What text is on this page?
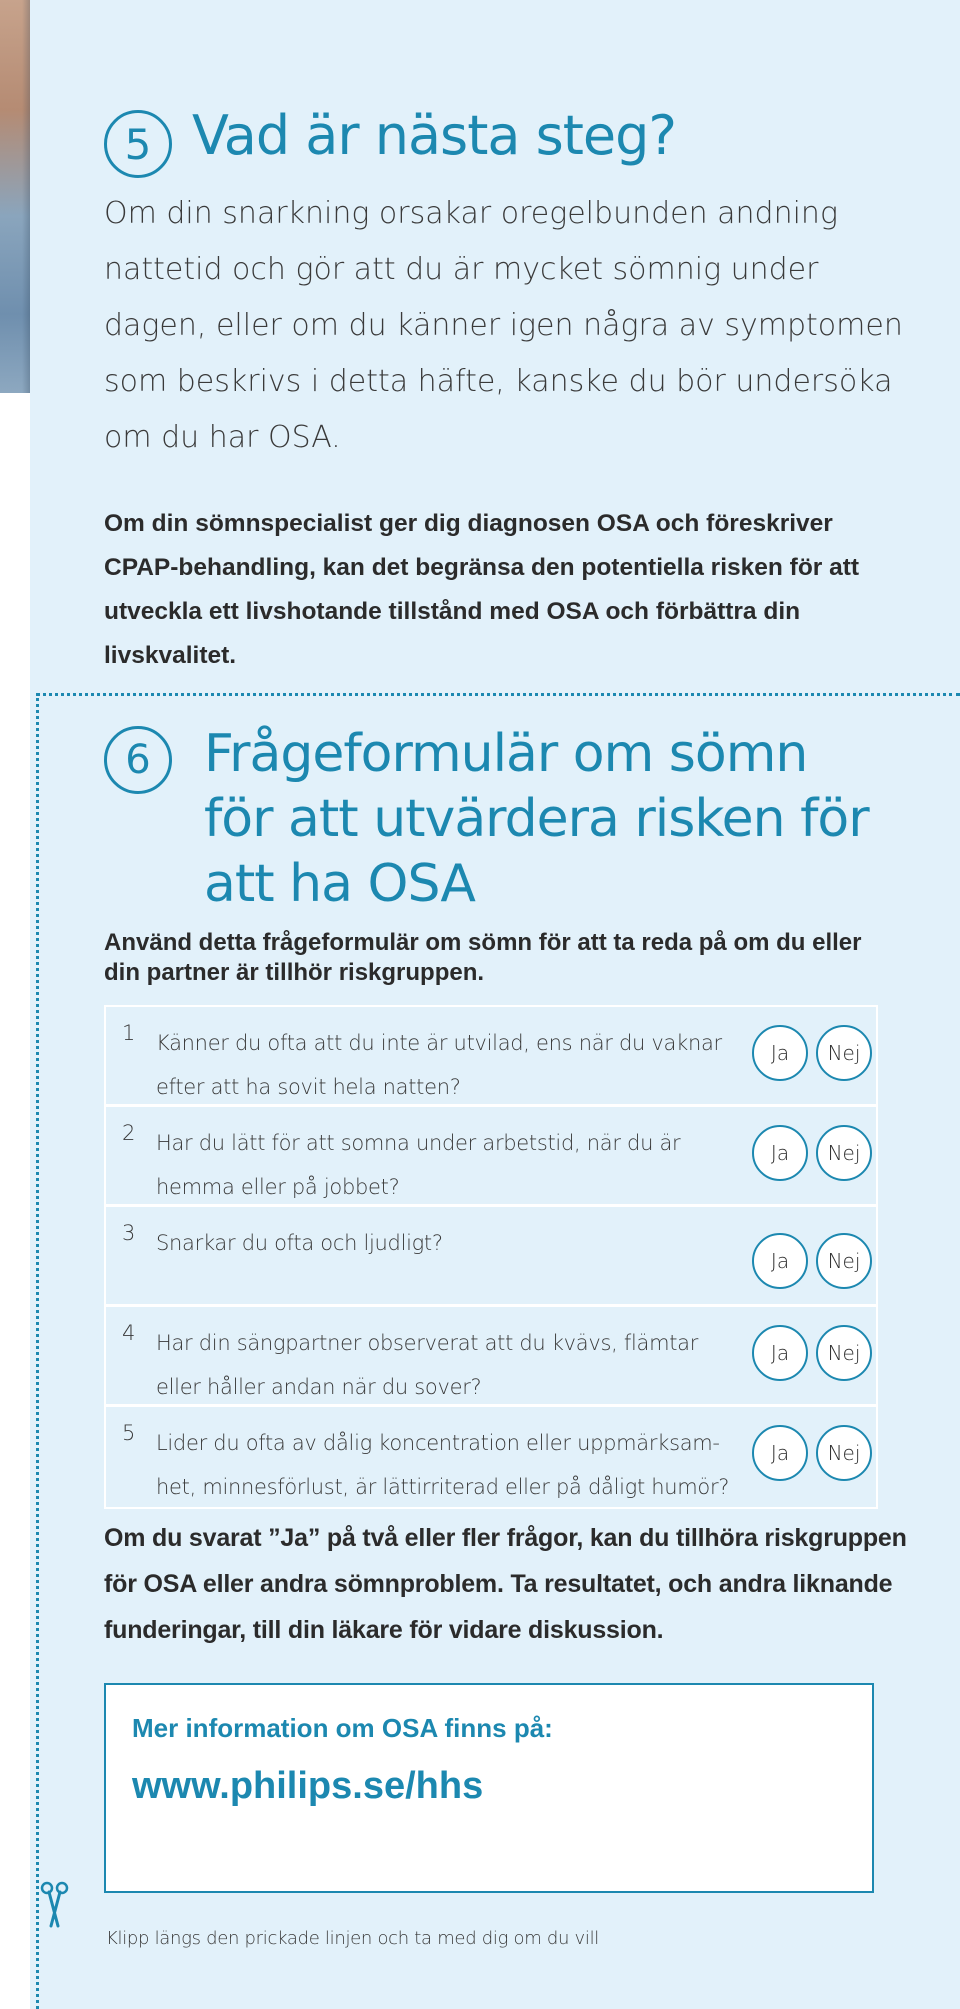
5 Vad är nästa steg?

Om din snarkning orsakar oregelbunden andning nattetid och gör att du är mycket sömnig under dagen, eller om du känner igen några av symptomen som beskrivs i detta häfte, kanske du bör undersöka om du har OSA.

Om din sömnspecialist ger dig diagnosen OSA och föreskriver CPAP-behandling, kan det begränsa den potentiella risken för att utveckla ett livshotande tillstånd med OSA och förbättra din livskvalitet.

6	Frågeformulär om sömn
för att utvärdera risken för
att ha OSA

Använd detta frågeformulär om sömn för att ta reda på om du eller din partner är tillhör riskgruppen.

1 Känner du ofta att du inte är utvilad, ens när du vaknar efter att ha sovit hela natten?
Ja	Nej
2 Har du lätt för att somna under arbetstid, när du är hemma eller på jobbet?
Ja	Nej
3 Snarkar du ofta och ljudligt?
Ja	Nej
4 Har din sängpartner observerat att du kvävs, flämtar eller håller andan när du sover?
Ja	Nej
5 Lider du ofta av dålig koncentration eller uppmärksam-het, minnesförlust, är lättirriterad eller på dåligt humör?
Ja	Nej

Om du svarat ”Ja” på två eller fler frågor, kan du tillhöra riskgruppen för OSA eller andra sömnproblem. Ta resultatet, och andra liknande funderingar, till din läkare för vidare diskussion.

Mer information om OSA finns på:

www.philips.se/hhs

Klipp längs den prickade linjen och ta med dig om du vill
